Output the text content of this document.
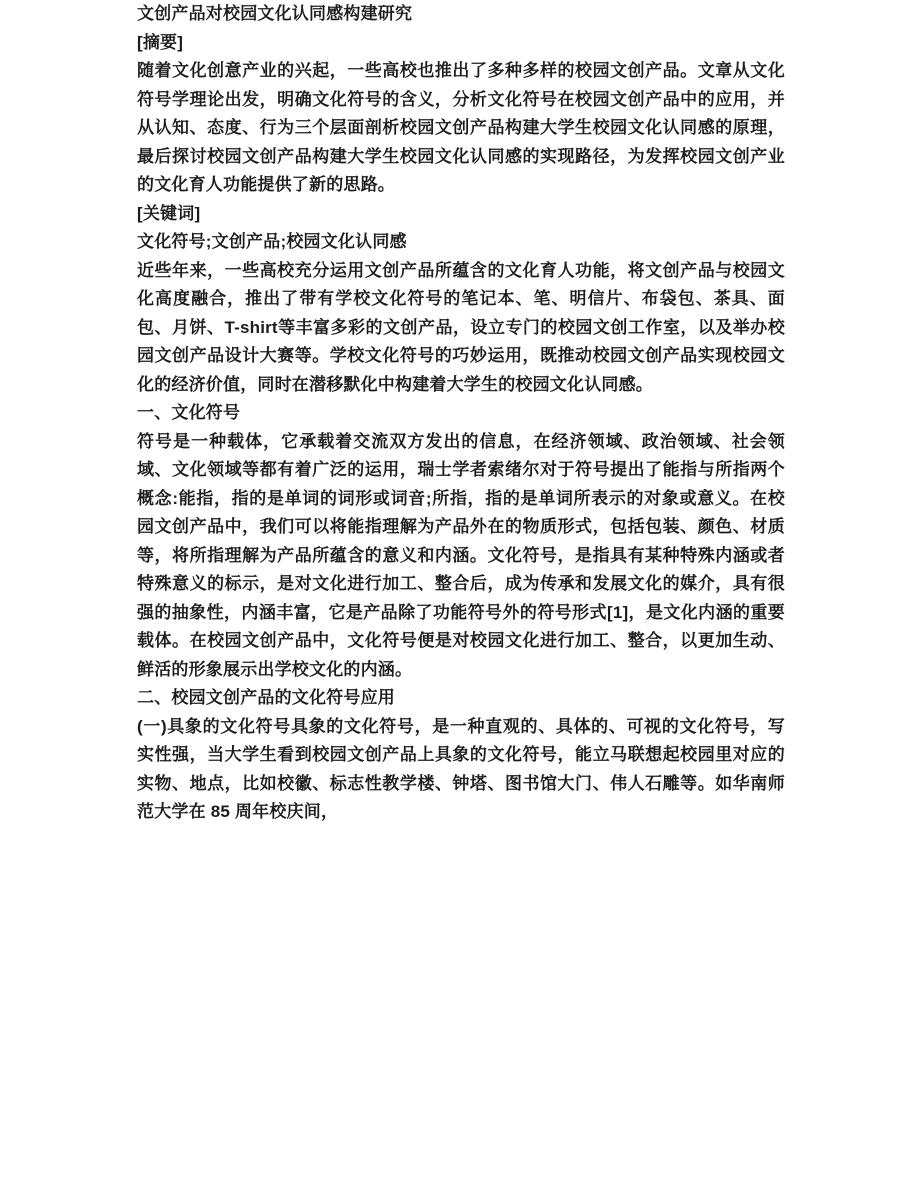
文创产品对校园文化认同感构建研究

[摘要]

随着文化创意产业的兴起，一些高校也推出了多种多样的校园文创产品。文章从文化符号学理论出发，明确文化符号的含义，分析文化符号在校园文创产品中的应用，并从认知、态度、行为三个层面剖析校园文创产品构建大学生校园文化认同感的原理，最后探讨校园文创产品构建大学生校园文化认同感的实现路径，为发挥校园文创产业的文化育人功能提供了新的思路。

[关键词]

文化符号;文创产品;校园文化认同感

近些年来，一些高校充分运用文创产品所蕴含的文化育人功能，将文创产品与校园文化高度融合，推出了带有学校文化符号的笔记本、笔、明信片、布袋包、茶具、面包、月饼、T-shirt等丰富多彩的文创产品，设立专门的校园文创工作室，以及举办校园文创产品设计大赛等。学校文化符号的巧妙运用，既推动校园文创产品实现校园文化的经济价值，同时在潜移默化中构建着大学生的校园文化认同感。

一、文化符号

符号是一种载体，它承载着交流双方发出的信息，在经济领域、政治领域、社会领域、文化领域等都有着广泛的运用，瑞士学者索绪尔对于符号提出了能指与所指两个概念:能指，指的是单词的词形或词音;所指，指的是单词所表示的对象或意义。在校园文创产品中，我们可以将能指理解为产品外在的物质形式，包括包装、颜色、材质等，将所指理解为产品所蕴含的意义和内涵。文化符号，是指具有某种特殊内涵或者特殊意义的标示，是对文化进行加工、整合后，成为传承和发展文化的媒介，具有很强的抽象性，内涵丰富，它是产品除了功能符号外的符号形式[1]，是文化内涵的重要载体。在校园文创产品中，文化符号便是对校园文化进行加工、整合，以更加生动、鲜活的形象展示出学校文化的内涵。

二、校园文创产品的文化符号应用

(一)具象的文化符号具象的文化符号，是一种直观的、具体的、可视的文化符号，写实性强，当大学生看到校园文创产品上具象的文化符号，能立马联想起校园里对应的实物、地点，比如校徽、标志性教学楼、钟塔、图书馆大门、伟人石雕等。如华南师范大学在 85 周年校庆间，
